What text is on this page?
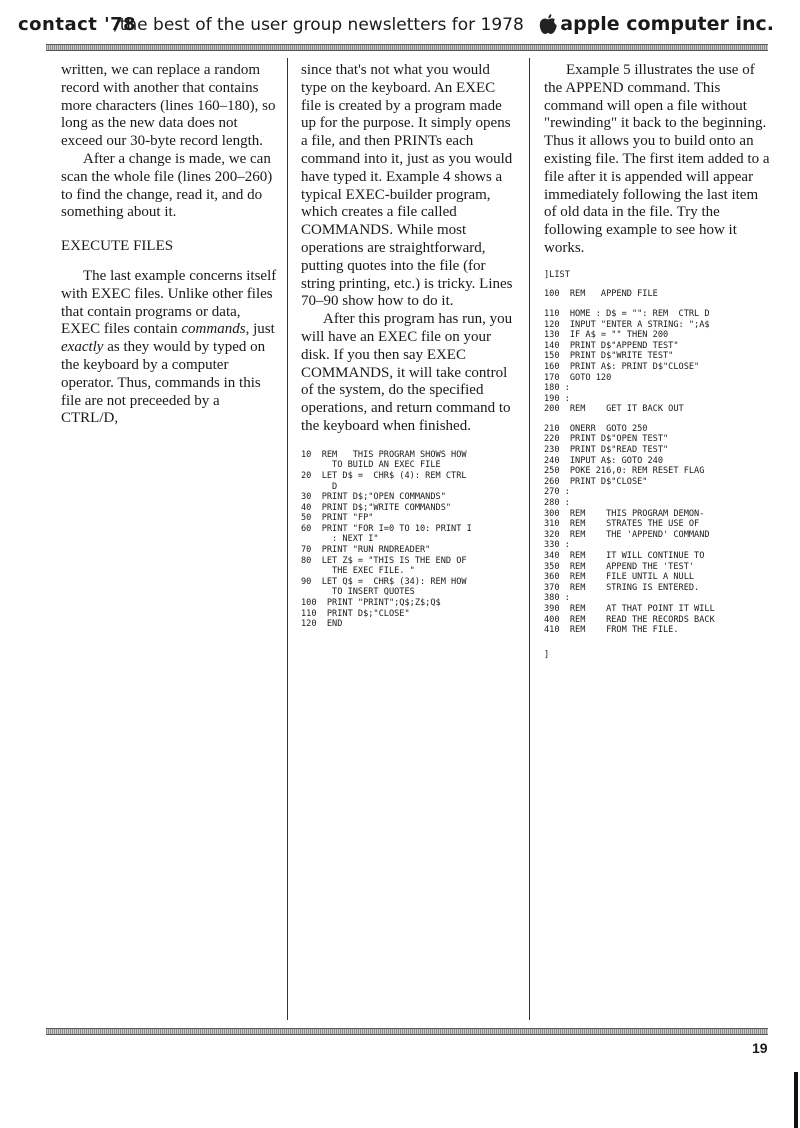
contact '78
/the best of the user group newsletters for 1978 apple computer inc.

written, we can replace a random record with another that contains more characters (lines 160–180), so long as the new data does not exceed our 30-byte record length.

After a change is made, we can scan the whole file (lines 200–260) to find the change, read it, and do something about it.

EXECUTE FILES

The last example concerns itself with EXEC files. Unlike other files that contain programs or data, EXEC files contain commands, just exactly as they would by typed on the keyboard by a computer operator. Thus, commands in this file are not preceeded by a CTRL/D,

since that's not what you would type on the keyboard. An EXEC file is created by a program made up for the purpose. It simply opens a file, and then PRINTs each command into it, just as you would have typed it. Example 4 shows a typical EXEC-builder program, which creates a file called COMMANDS. While most operations are straightforward, putting quotes into the file (for string printing, etc.) is tricky. Lines 70–90 show how to do it.

After this program has run, you will have an EXEC file on your disk. If you then say EXEC COMMANDS, it will take control of the system, do the specified operations, and return command to the keyboard when finished.

10  REM   THIS PROGRAM SHOWS HOW
TO BUILD AN EXEC FILE
20  LET D$ =  CHR$ (4): REM CTRL
D
30  PRINT D$;"OPEN COMMANDS"
40  PRINT D$;"WRITE COMMANDS"
50  PRINT "FP"
60  PRINT "FOR I=0 TO 10: PRINT I
: NEXT I"
70  PRINT "RUN RNDREADER"
80  LET Z$ = "THIS IS THE END OF
THE EXEC FILE. "
90  LET Q$ =  CHR$ (34): REM HOW
TO INSERT QUOTES
100  PRINT "PRINT";Q$;Z$;Q$
110  PRINT D$;"CLOSE"
120  END

Example 5 illustrates the use of the APPEND command. This command will open a file without "rewinding" it back to the beginning. Thus it allows you to build onto an existing file. The first item added to a file after it is appended will appear immediately following the last item of old data in the file. Try the following example to see how it works.

]LIST
100  REM   APPEND FILE
110  HOME : D$ = "": REM  CTRL D
120  INPUT "ENTER A STRING: ";A$
130  IF A$ = "" THEN 200
140  PRINT D$"APPEND TEST"
150  PRINT D$"WRITE TEST"
160  PRINT A$: PRINT D$"CLOSE"
170  GOTO 120
180 :
190 :
200  REM    GET IT BACK OUT
210  ONERR  GOTO 250
220  PRINT D$"OPEN TEST"
230  PRINT D$"READ TEST"
240  INPUT A$: GOTO 240
250  POKE 216,0: REM RESET FLAG
260  PRINT D$"CLOSE"
270 :
280 :
300  REM    THIS PROGRAM DEMON-
310  REM    STRATES THE USE OF
320  REM    THE 'APPEND' COMMAND
330 :
340  REM    IT WILL CONTINUE TO
350  REM    APPEND THE 'TEST'
360  REM    FILE UNTIL A NULL
370  REM    STRING IS ENTERED.
380 :
390  REM    AT THAT POINT IT WILL
400  REM    READ THE RECORDS BACK
410  REM    FROM THE FILE.
]
19
